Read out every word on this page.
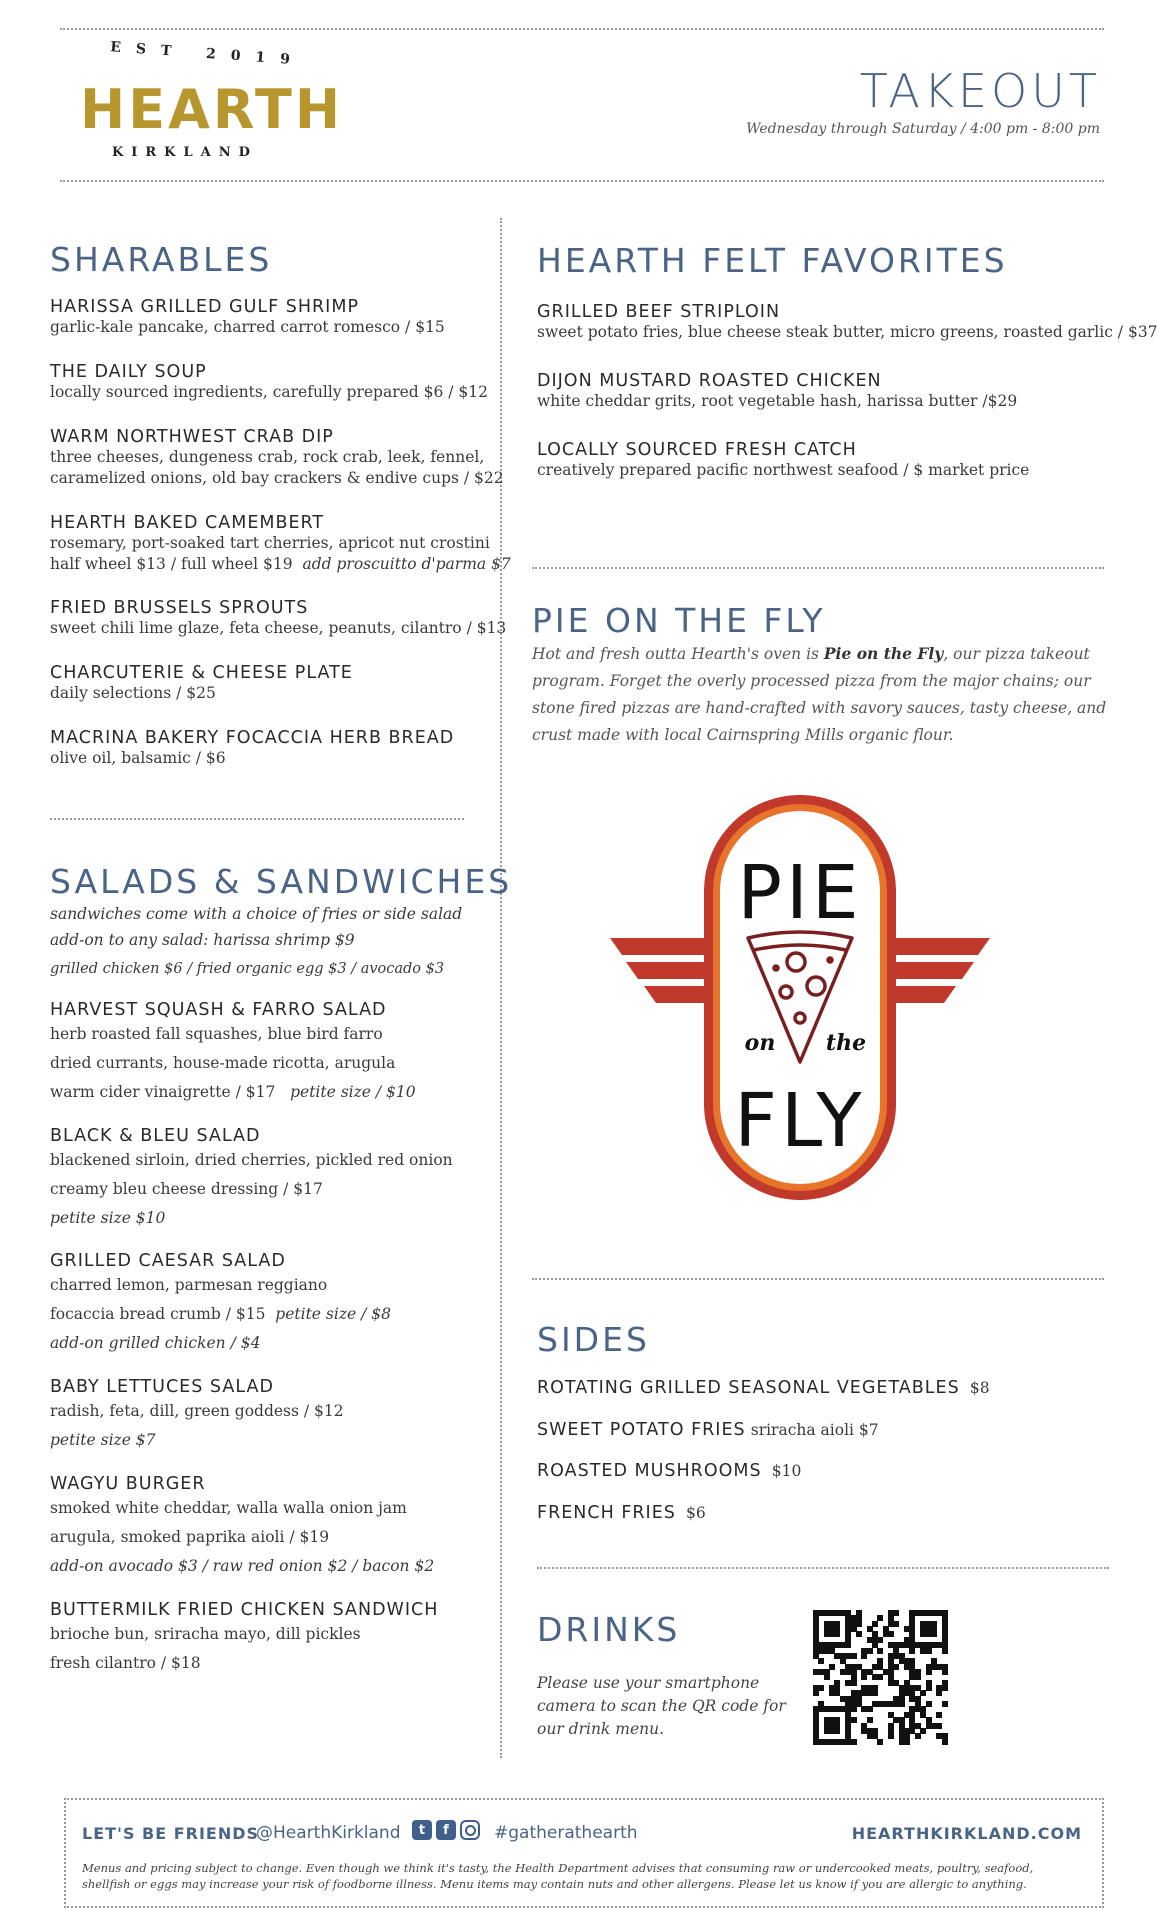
EST 2019
HEARTH
KIRKLAND
TAKEOUT
Wednesday through Saturday / 4:00 pm - 8:00 pm
SHARABLES
HARISSA GRILLED GULF SHRIMP
garlic-kale pancake, charred carrot romesco / $15
THE DAILY SOUP
locally sourced ingredients, carefully prepared $6 / $12
WARM NORTHWEST CRAB DIP
three cheeses, dungeness crab, rock crab, leek, fennel,
caramelized onions, old bay crackers & endive cups / $22
HEARTH BAKED CAMEMBERT
rosemary, port-soaked tart cherries, apricot nut crostini
half wheel $13 / full wheel $19 add proscuitto d'parma $7
FRIED BRUSSELS SPROUTS
sweet chili lime glaze, feta cheese, peanuts, cilantro / $13
CHARCUTERIE & CHEESE PLATE
daily selections / $25
MACRINA BAKERY FOCACCIA HERB BREAD
olive oil, balsamic / $6
SALADS & SANDWICHES
sandwiches come with a choice of fries or side salad
add-on to any salad: harissa shrimp $9
grilled chicken $6 / fried organic egg $3 / avocado $3
HARVEST SQUASH & FARRO SALAD
herb roasted fall squashes, blue bird farro
dried currants, house-made ricotta, arugula
warm cider vinaigrette / $17 petite size / $10
BLACK & BLEU SALAD
blackened sirloin, dried cherries, pickled red onion
creamy bleu cheese dressing / $17
petite size $10
GRILLED CAESAR SALAD
charred lemon, parmesan reggiano
focaccia bread crumb / $15 petite size / $8
add-on grilled chicken / $4
BABY LETTUCES SALAD
radish, feta, dill, green goddess / $12
petite size $7
WAGYU BURGER
smoked white cheddar, walla walla onion jam
arugula, smoked paprika aioli / $19
add-on avocado $3 / raw red onion $2 / bacon $2
BUTTERMILK FRIED CHICKEN SANDWICH
brioche bun, sriracha mayo, dill pickles
fresh cilantro / $18
HEARTH FELT FAVORITES
GRILLED BEEF STRIPLOIN
sweet potato fries, blue cheese steak butter, micro greens, roasted garlic / $37
DIJON MUSTARD ROASTED CHICKEN
white cheddar grits, root vegetable hash, harissa butter /$29
LOCALLY SOURCED FRESH CATCH
creatively prepared pacific northwest seafood / $ market price
PIE ON THE FLY
Hot and fresh outta Hearth's oven is Pie on the Fly, our pizza takeout program. Forget the overly processed pizza from the major chains; our stone fired pizzas are hand-crafted with savory sauces, tasty cheese, and crust made with local Cairnspring Mills organic flour.
PIE
on the
FLY
SIDES
ROTATING GRILLED SEASONAL VEGETABLES $8
SWEET POTATO FRIES sriracha aioli $7
ROASTED MUSHROOMS $10
FRENCH FRIES $6
DRINKS
Please use your smartphone camera to scan the QR code for our drink menu.
LET'S BE FRIENDS
@HearthKirkland	t	f	#gatherathearth	HEARTHKIRKLAND.COM
Menus and pricing subject to change. Even though we think it's tasty, the Health Department advises that consuming raw or undercooked meats, poultry, seafood, shellfish or eggs may increase your risk of foodborne illness. Menu items may contain nuts and other allergens. Please let us know if you are allergic to anything.
